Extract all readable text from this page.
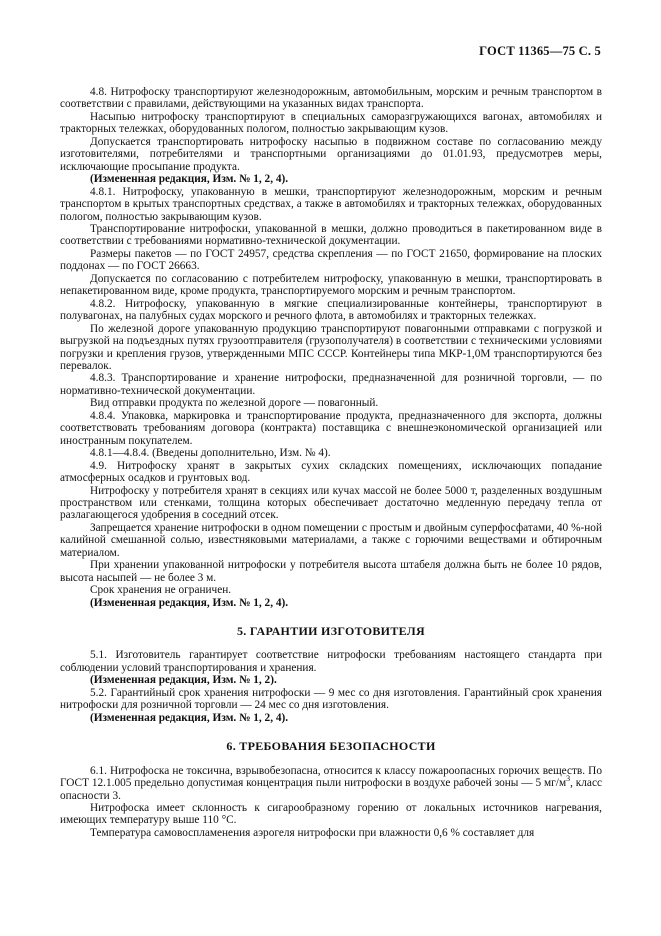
ГОСТ 11365—75 С. 5

4.8. Нитрофоску транспортируют железнодорожным, автомобильным, морским и речным транспортом в соответствии с правилами, действующими на указанных видах транспорта.

Насыпью нитрофоску транспортируют в специальных саморазгружающихся вагонах, автомобилях и тракторных тележках, оборудованных пологом, полностью закрывающим кузов.

Допускается транспортировать нитрофоску насыпью в подвижном составе по согласованию между изготовителями, потребителями и транспортными организациями до 01.01.93, предусмотрев меры, исключающие просыпание продукта.

(Измененная редакция, Изм. № 1, 2, 4).

4.8.1. Нитрофоску, упакованную в мешки, транспортируют железнодорожным, морским и речным транспортом в крытых транспортных средствах, а также в автомобилях и тракторных тележках, оборудованных пологом, полностью закрывающим кузов.

Транспортирование нитрофоски, упакованной в мешки, должно проводиться в пакетированном виде в соответствии с требованиями нормативно-технической документации.

Размеры пакетов — по ГОСТ 24957, средства скрепления — по ГОСТ 21650, формирование на плоских поддонах — по ГОСТ 26663.

Допускается по согласованию с потребителем нитрофоску, упакованную в мешки, транспортировать в непакетированном виде, кроме продукта, транспортируемого морским и речным транспортом.

4.8.2. Нитрофоску, упакованную в мягкие специализированные контейнеры, транспортируют в полувагонах, на палубных судах морского и речного флота, в автомобилях и тракторных тележках.

По железной дороге упакованную продукцию транспортируют повагонными отправками с погрузкой и выгрузкой на подъездных путях грузоотправителя (грузополучателя) в соответствии с техническими условиями погрузки и крепления грузов, утвержденными МПС СССР. Контейнеры типа МКР-1,0М транспортируются без перевалок.

4.8.3. Транспортирование и хранение нитрофоски, предназначенной для розничной торговли, — по нормативно-технической документации.

Вид отправки продукта по железной дороге — повагонный.

4.8.4. Упаковка, маркировка и транспортирование продукта, предназначенного для экспорта, должны соответствовать требованиям договора (контракта) поставщика с внешнеэкономической организацией или иностранным покупателем.

4.8.1—4.8.4. (Введены дополнительно, Изм. № 4).

4.9. Нитрофоску хранят в закрытых сухих складских помещениях, исключающих попадание атмосферных осадков и грунтовых вод.

Нитрофоску у потребителя хранят в секциях или кучах массой не более 5000 т, разделенных воздушным пространством или стенками, толщина которых обеспечивает достаточно медленную передачу тепла от разлагающегося удобрения в соседний отсек.

Запрещается хранение нитрофоски в одном помещении с простым и двойным суперфосфатами, 40 %-ной калийной смешанной солью, известняковыми материалами, а также с горючими веществами и обтирочным материалом.

При хранении упакованной нитрофоски у потребителя высота штабеля должна быть не более 10 рядов, высота насыпей — не более 3 м.

Срок хранения не ограничен.

(Измененная редакция, Изм. № 1, 2, 4).

5. ГАРАНТИИ ИЗГОТОВИТЕЛЯ

5.1. Изготовитель гарантирует соответствие нитрофоски требованиям настоящего стандарта при соблюдении условий транспортирования и хранения.

(Измененная редакция, Изм. № 1, 2).

5.2. Гарантийный срок хранения нитрофоски — 9 мес со дня изготовления. Гарантийный срок хранения нитрофоски для розничной торговли — 24 мес со дня изготовления.

(Измененная редакция, Изм. № 1, 2, 4).

6. ТРЕБОВАНИЯ БЕЗОПАСНОСТИ

6.1. Нитрофоска не токсична, взрывобезопасна, относится к классу пожароопасных горючих веществ. По ГОСТ 12.1.005 предельно допустимая концентрация пыли нитрофоски в воздухе рабочей зоны — 5 $мг/м^3$, класс опасности 3.

Нитрофоска имеет склонность к сигарообразному горению от локальных источников нагревания, имеющих температуру выше 110 °С.

Температура самовоспламенения аэрогеля нитрофоски при влажности 0,6 % составляет для
